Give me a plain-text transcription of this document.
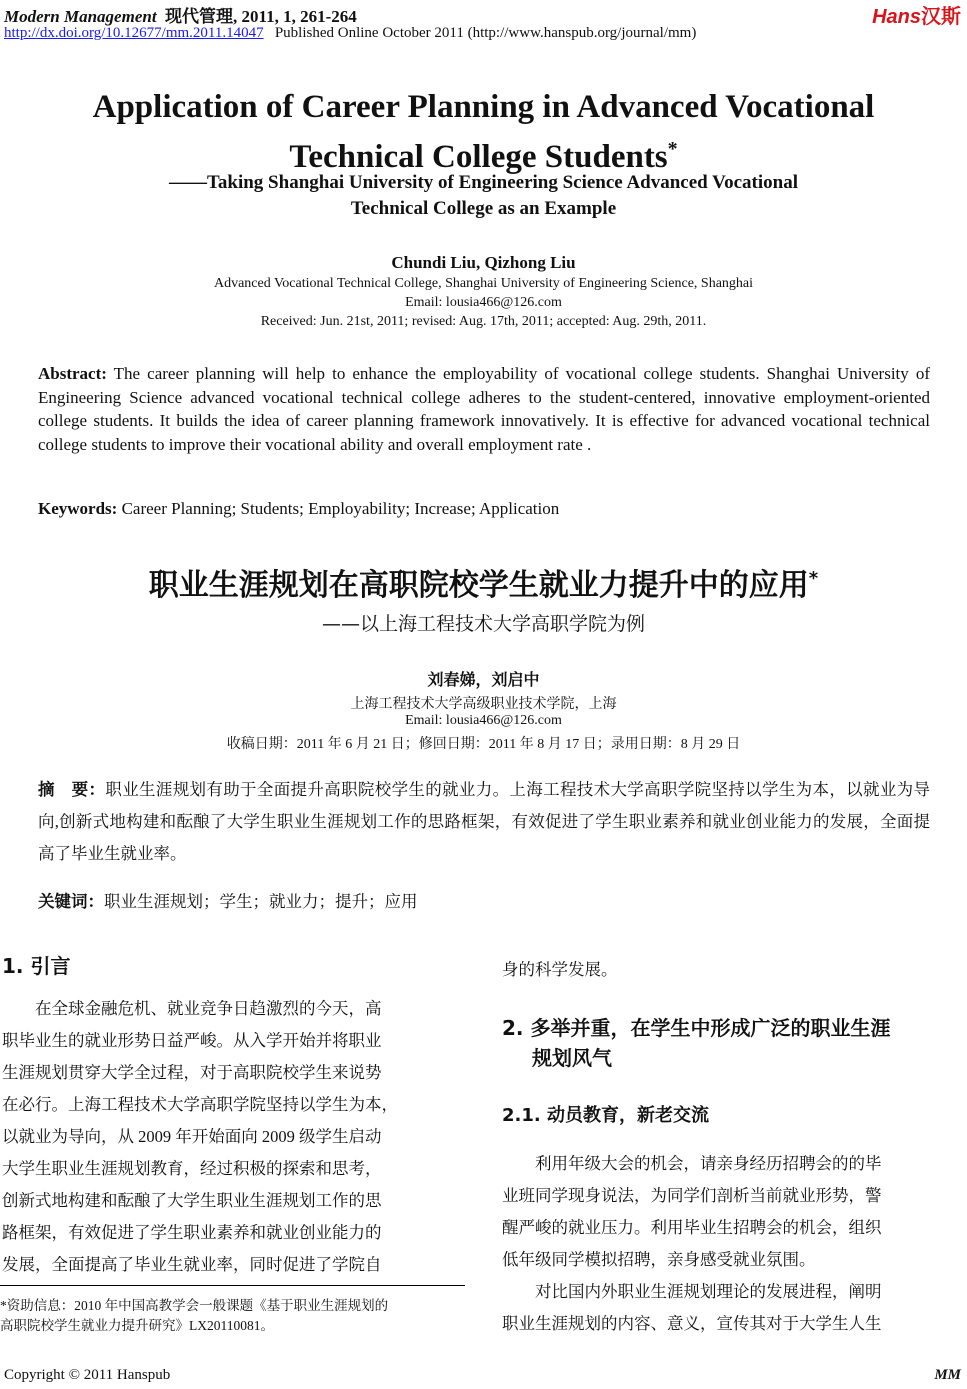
Modern Management 现代管理, 2011, 1, 261-264
http://dx.doi.org/10.12677/mm.2011.14047 Published Online October 2011 (http://www.hanspub.org/journal/mm)
Hans汉斯
Application of Career Planning in Advanced Vocational
Technical College Students*
——Taking Shanghai University of Engineering Science Advanced Vocational
Technical College as an Example
Chundi Liu, Qizhong Liu
Advanced Vocational Technical College, Shanghai University of Engineering Science, Shanghai
Email: lousia466@126.com
Received: Jun. 21st, 2011; revised: Aug. 17th, 2011; accepted: Aug. 29th, 2011.
Abstract: The career planning will help to enhance the employability of vocational college students. Shanghai University of Engineering Science advanced vocational technical college adheres to the student-centered, innovative employment-oriented college students. It builds the idea of career planning framework innovatively. It is effective for advanced vocational technical college students to improve their vocational ability and overall employment rate .
Keywords: Career Planning; Students; Employability; Increase; Application
职业生涯规划在高职院校学生就业力提升中的应用*
——以上海工程技术大学高职学院为例
刘春娣，刘启中
上海工程技术大学高级职业技术学院，上海
Email: lousia466@126.com
收稿日期：2011 年 6 月 21 日；修回日期：2011 年 8 月 17 日；录用日期：8 月 29 日
摘　要：职业生涯规划有助于全面提升高职院校学生的就业力。上海工程技术大学高职学院坚持以学生为本，以就业为导向,创新式地构建和酝酿了大学生职业生涯规划工作的思路框架，有效促进了学生职业素养和就业创业能力的发展，全面提高了毕业生就业率。
关键词：职业生涯规划；学生；就业力；提升；应用
1. 引言
　　在全球金融危机、就业竞争日趋激烈的今天，高
职毕业生的就业形势日益严峻。从入学开始并将职业
生涯规划贯穿大学全过程，对于高职院校学生来说势
在必行。上海工程技术大学高职学院坚持以学生为本，
以就业为导向，从 2009 年开始面向 2009 级学生启动
大学生职业生涯规划教育，经过积极的探索和思考，
创新式地构建和酝酿了大学生职业生涯规划工作的思
路框架，有效促进了学生职业素养和就业创业能力的
发展，全面提高了毕业生就业率，同时促进了学院自
*资助信息：2010 年中国高教学会一般课题《基于职业生涯规划的
高职院校学生就业力提升研究》LX20110081。
身的科学发展。
2. 多举并重，在学生中形成广泛的职业生涯
规划风气
2.1. 动员教育，新老交流
　　利用年级大会的机会，请亲身经历招聘会的的毕
业班同学现身说法，为同学们剖析当前就业形势，警
醒严峻的就业压力。利用毕业生招聘会的机会，组织
低年级同学模拟招聘，亲身感受就业氛围。
　　对比国内外职业生涯规划理论的发展进程，阐明
职业生涯规划的内容、意义，宣传其对于大学生人生
Copyright © 2011 Hanspub	MM
